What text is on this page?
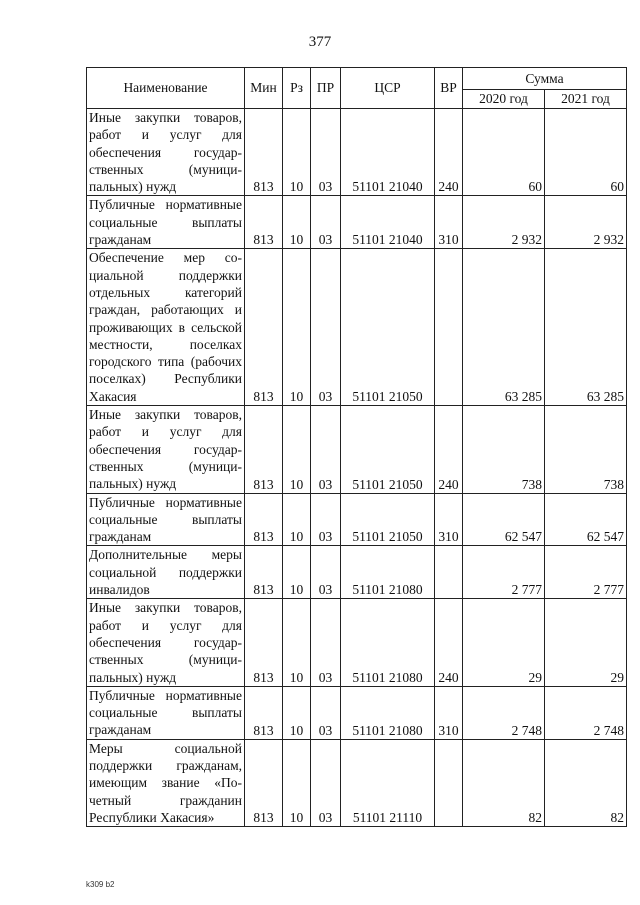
377
Наименование	Мин	Рз	ПР	ЦСР	ВР	Сумма	
						2020 год	2021 год
Иные закупки товаров, работ и услуг для обеспечения государственных (муниципальных) нужд	813	10	03	51101 21040	240	60	60
Публичные нормативные социальные выплаты гражданам	813	10	03	51101 21040	310	2 932	2 932
Обеспечение мер социальной поддержки отдельных категорий граждан, работающих и проживающих в сельской местности, поселках городского типа (рабочих поселках) Республики Хакасия	813	10	03	51101 21050		63 285	63 285
Иные закупки товаров, работ и услуг для обеспечения государственных (муниципальных) нужд	813	10	03	51101 21050	240	738	738
Публичные нормативные социальные выплаты гражданам	813	10	03	51101 21050	310	62 547	62 547
Дополнительные меры социальной поддержки инвалидов	813	10	03	51101 21080		2 777	2 777
Иные закупки товаров, работ и услуг для обеспечения государственных (муниципальных) нужд	813	10	03	51101 21080	240	29	29
Публичные нормативные социальные выплаты гражданам	813	10	03	51101 21080	310	2 748	2 748
Меры социальной поддержки гражданам, имеющим звание «Почетный гражданин Республики Хакасия»	813	10	03	51101 21110		82	82
k309 b2
